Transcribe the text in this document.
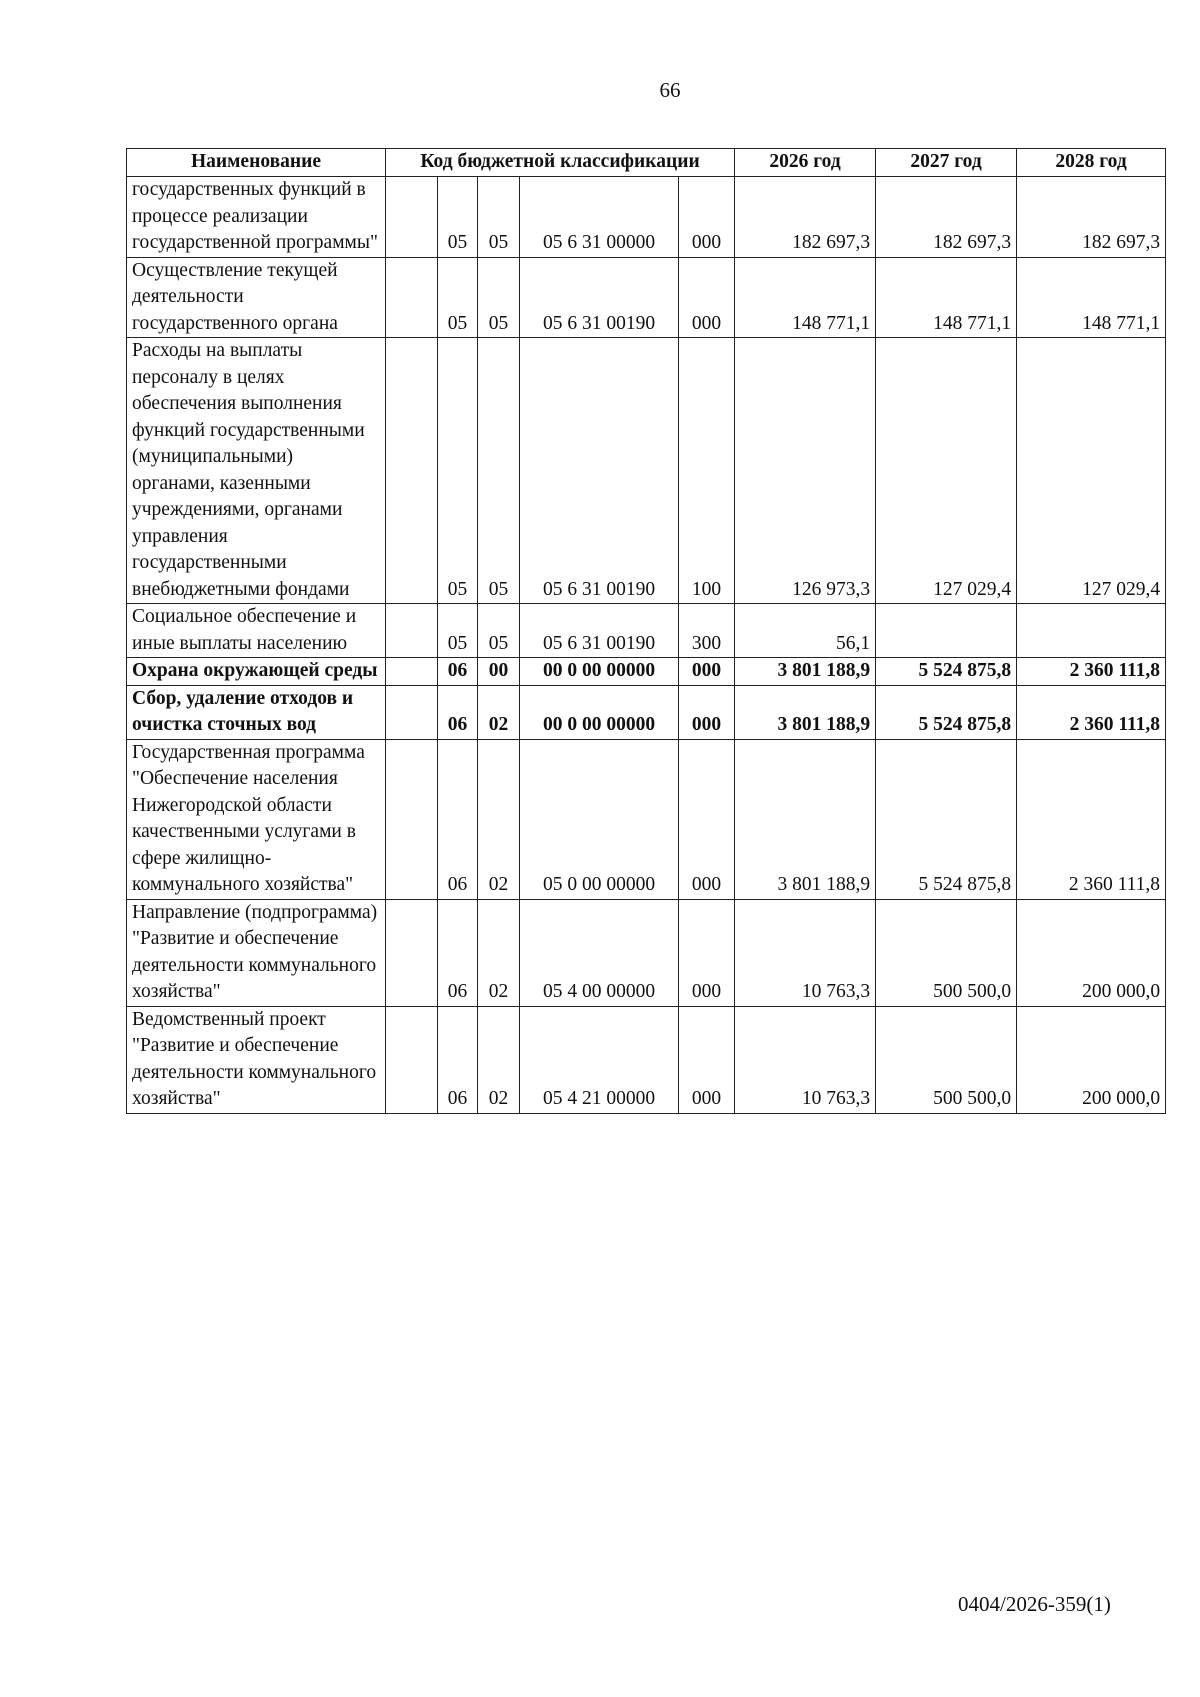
66
Наименование	Код бюджетной классификации					2026 год	2027 год	2028 год
государственных функций в процессе реализации государственной программы"		05	05	05 6 31 00000	000	182 697,3	182 697,3	182 697,3
Осуществление текущей деятельности государственного органа		05	05	05 6 31 00190	000	148 771,1	148 771,1	148 771,1
Расходы на выплаты персоналу в целях обеспечения выполнения функций государственными (муниципальными) органами, казенными учреждениями, органами управления государственными внебюджетными фондами		05	05	05 6 31 00190	100	126 973,3	127 029,4	127 029,4
Социальное обеспечение и иные выплаты населению		05	05	05 6 31 00190	300	56,1		
Охрана окружающей среды		06	00	00 0 00 00000	000	3 801 188,9	5 524 875,8	2 360 111,8
Сбор, удаление отходов и очистка сточных вод		06	02	00 0 00 00000	000	3 801 188,9	5 524 875,8	2 360 111,8
Государственная программа "Обеспечение населения Нижегородской области качественными услугами в сфере жилищно-коммунального хозяйства"		06	02	05 0 00 00000	000	3 801 188,9	5 524 875,8	2 360 111,8
Направление (подпрограмма) "Развитие и обеспечение деятельности коммунального хозяйства"		06	02	05 4 00 00000	000	10 763,3	500 500,0	200 000,0
Ведомственный проект "Развитие и обеспечение деятельности коммунального хозяйства"		06	02	05 4 21 00000	000	10 763,3	500 500,0	200 000,0
0404/2026-359(1)
